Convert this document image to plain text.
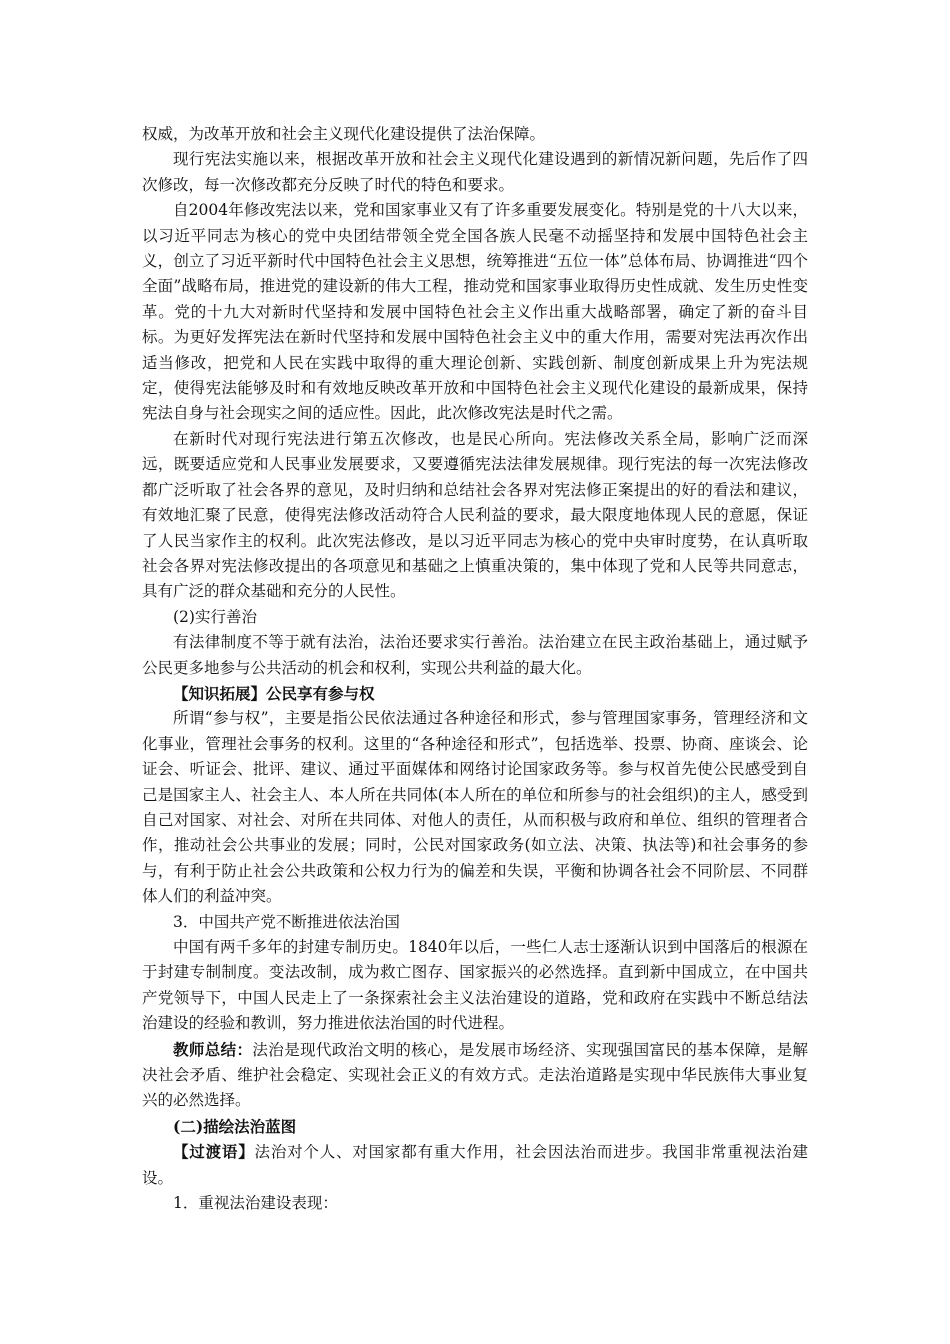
权威，为改革开放和社会主义现代化建设提供了法治保障。

现行宪法实施以来，根据改革开放和社会主义现代化建设遇到的新情况新问题，先后作了四次修改，每一次修改都充分反映了时代的特色和要求。

自2004年修改宪法以来，党和国家事业又有了许多重要发展变化。特别是党的十八大以来，以习近平同志为核心的党中央团结带领全党全国各族人民毫不动摇坚持和发展中国特色社会主义，创立了习近平新时代中国特色社会主义思想，统筹推进“五位一体”总体布局、协调推进“四个全面”战略布局，推进党的建设新的伟大工程，推动党和国家事业取得历史性成就、发生历史性变革。党的十九大对新时代坚持和发展中国特色社会主义作出重大战略部署，确定了新的奋斗目标。为更好发挥宪法在新时代坚持和发展中国特色社会主义中的重大作用，需要对宪法再次作出适当修改，把党和人民在实践中取得的重大理论创新、实践创新、制度创新成果上升为宪法规定，使得宪法能够及时和有效地反映改革开放和中国特色社会主义现代化建设的最新成果，保持宪法自身与社会现实之间的适应性。因此，此次修改宪法是时代之需。

在新时代对现行宪法进行第五次修改，也是民心所向。宪法修改关系全局，影响广泛而深远，既要适应党和人民事业发展要求，又要遵循宪法法律发展规律。现行宪法的每一次宪法修改都广泛听取了社会各界的意见，及时归纳和总结社会各界对宪法修正案提出的好的看法和建议，有效地汇聚了民意，使得宪法修改活动符合人民利益的要求，最大限度地体现人民的意愿，保证了人民当家作主的权利。此次宪法修改，是以习近平同志为核心的党中央审时度势，在认真听取社会各界对宪法修改提出的各项意见和基础之上慎重决策的，集中体现了党和人民等共同意志，具有广泛的群众基础和充分的人民性。

(2)实行善治

有法律制度不等于就有法治，法治还要求实行善治。法治建立在民主政治基础上，通过赋予公民更多地参与公共活动的机会和权利，实现公共利益的最大化。

【知识拓展】公民享有参与权

所谓“参与权”，主要是指公民依法通过各种途径和形式，参与管理国家事务，管理经济和文化事业，管理社会事务的权利。这里的“各种途径和形式”，包括选举、投票、协商、座谈会、论证会、听证会、批评、建议、通过平面媒体和网络讨论国家政务等。参与权首先使公民感受到自己是国家主人、社会主人、本人所在共同体(本人所在的单位和所参与的社会组织)的主人，感受到自己对国家、对社会、对所在共同体、对他人的责任，从而积极与政府和单位、组织的管理者合作，推动社会公共事业的发展；同时，公民对国家政务(如立法、决策、执法等)和社会事务的参与，有利于防止社会公共政策和公权力行为的偏差和失误，平衡和协调各社会不同阶层、不同群体人们的利益冲突。

3．中国共产党不断推进依法治国

中国有两千多年的封建专制历史。1840年以后，一些仁人志士逐渐认识到中国落后的根源在于封建专制制度。变法改制，成为救亡图存、国家振兴的必然选择。直到新中国成立，在中国共产党领导下，中国人民走上了一条探索社会主义法治建设的道路，党和政府在实践中不断总结法治建设的经验和教训，努力推进依法治国的时代进程。

教师总结：法治是现代政治文明的核心，是发展市场经济、实现强国富民的基本保障，是解决社会矛盾、维护社会稳定、实现社会正义的有效方式。走法治道路是实现中华民族伟大事业复兴的必然选择。

(二)描绘法治蓝图

【过渡语】法治对个人、对国家都有重大作用，社会因法治而进步。我国非常重视法治建设。

1．重视法治建设表现：
